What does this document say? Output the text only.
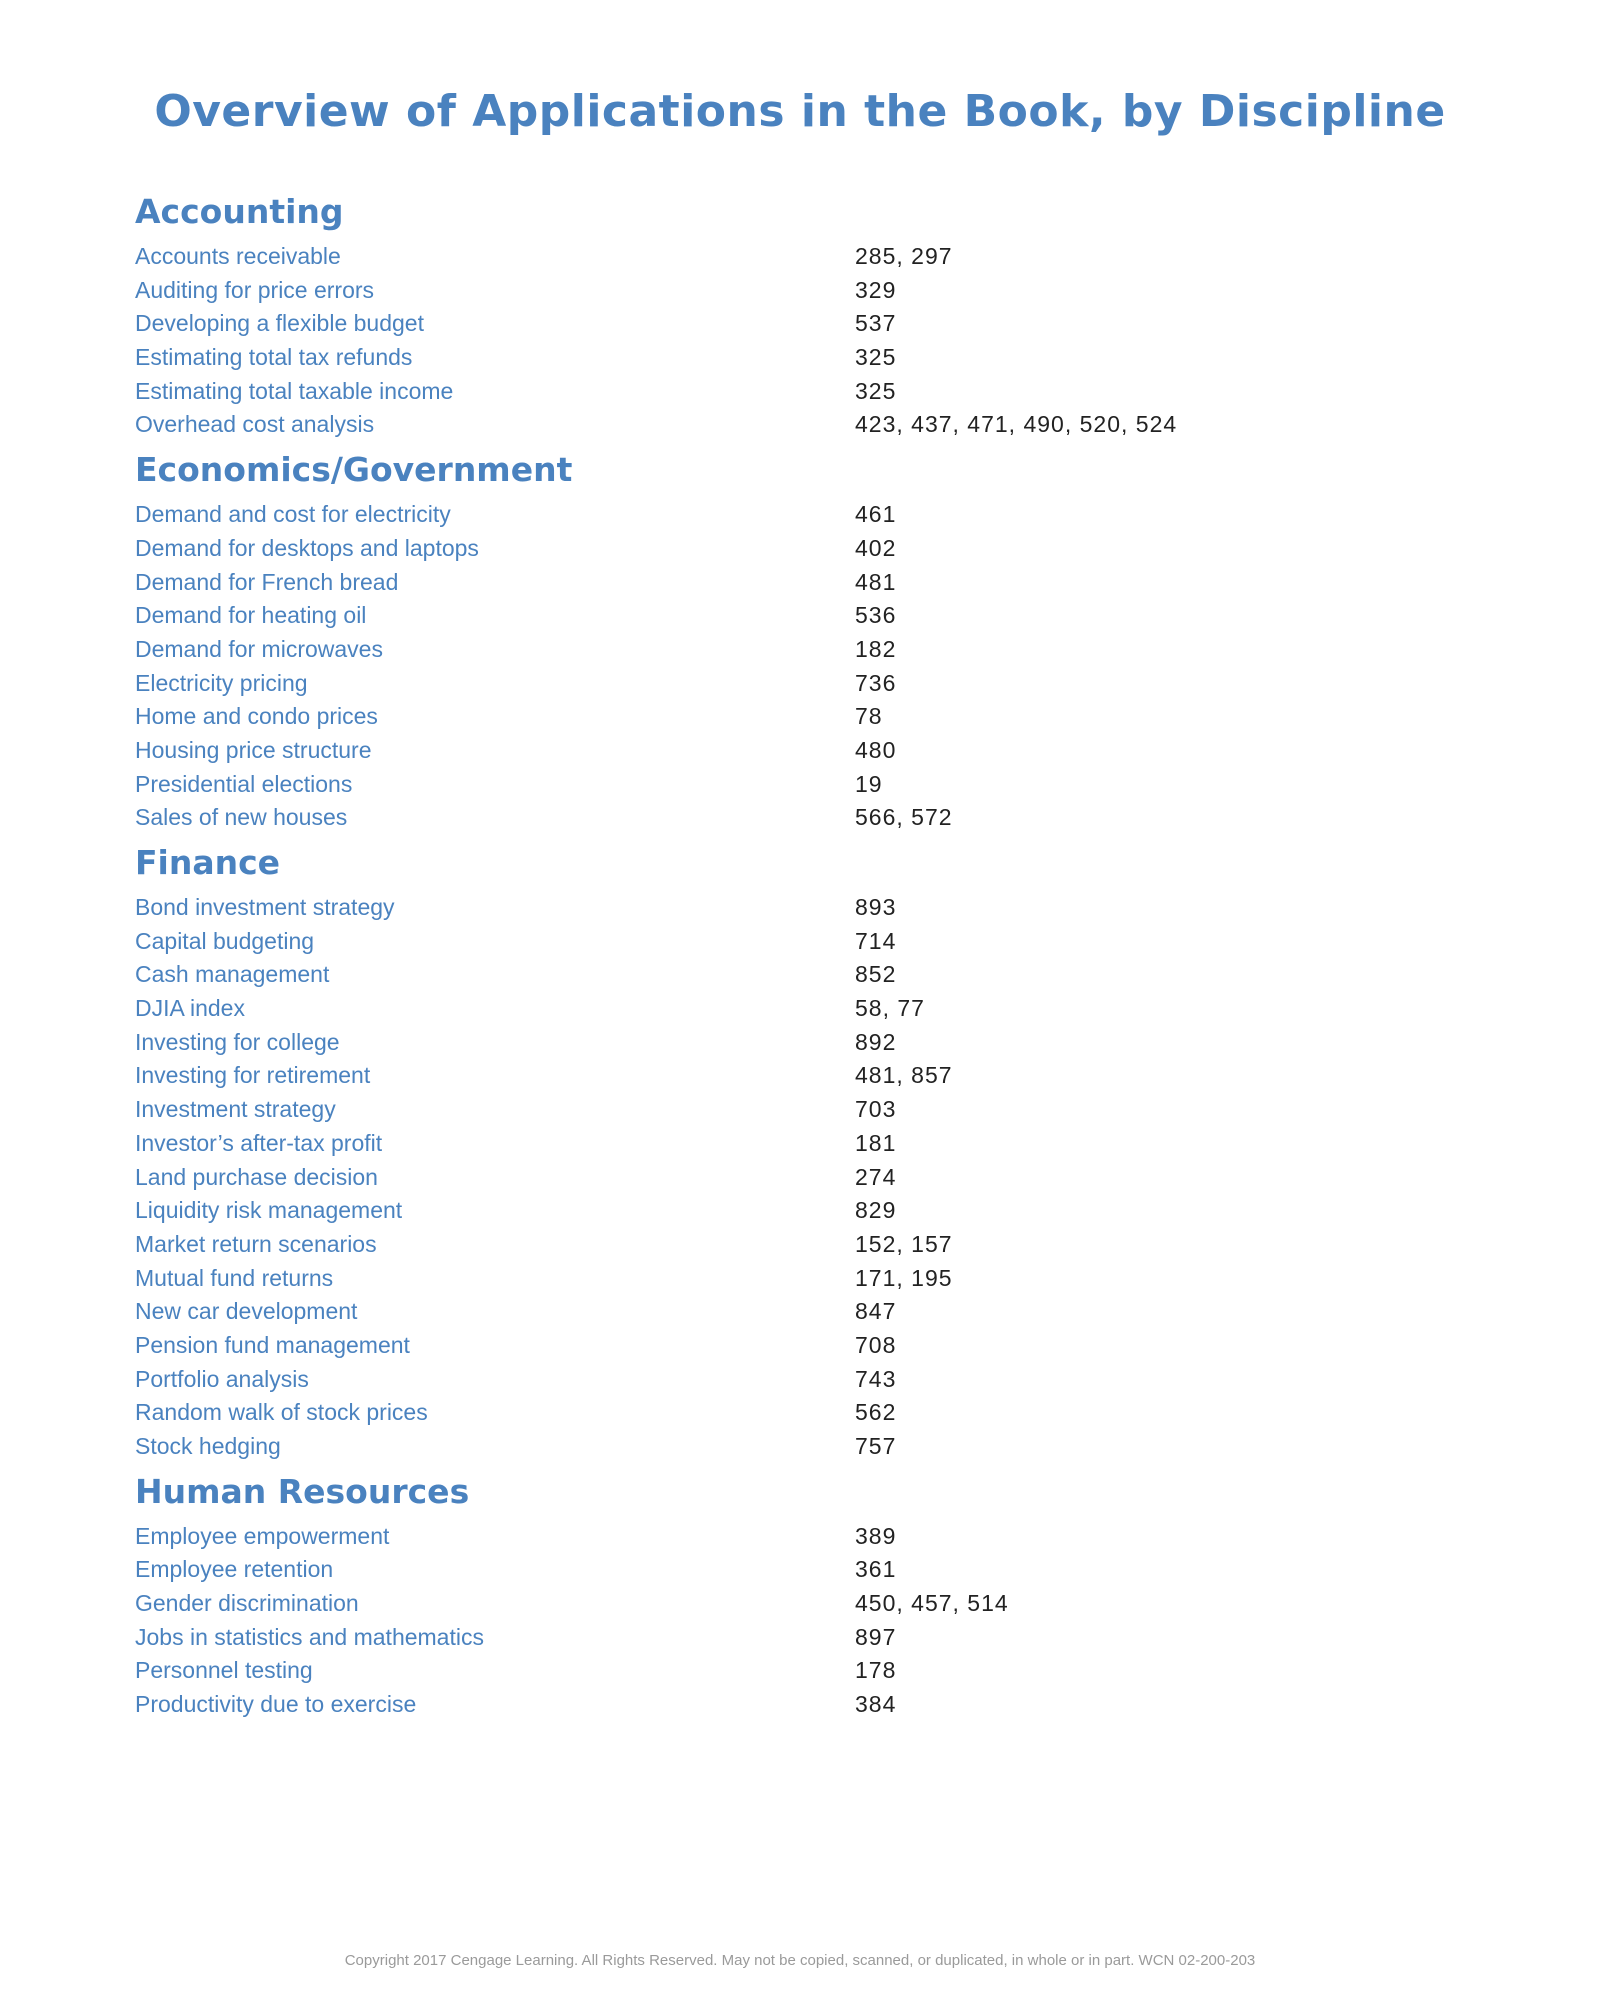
Overview of Applications in the Book, by Discipline
Accounting
Accounts receivable	285, 297
Auditing for price errors	329
Developing a flexible budget	537
Estimating total tax refunds	325
Estimating total taxable income	325
Overhead cost analysis	423, 437, 471, 490, 520, 524
Economics/Government
Demand and cost for electricity	461
Demand for desktops and laptops	402
Demand for French bread	481
Demand for heating oil	536
Demand for microwaves	182
Electricity pricing	736
Home and condo prices	78
Housing price structure	480
Presidential elections	19
Sales of new houses	566, 572
Finance
Bond investment strategy	893
Capital budgeting	714
Cash management	852
DJIA index	58, 77
Investing for college	892
Investing for retirement	481, 857
Investment strategy	703
Investor’s after-tax profit	181
Land purchase decision	274
Liquidity risk management	829
Market return scenarios	152, 157
Mutual fund returns	171, 195
New car development	847
Pension fund management	708
Portfolio analysis	743
Random walk of stock prices	562
Stock hedging	757
Human Resources
Employee empowerment	389
Employee retention	361
Gender discrimination	450, 457, 514
Jobs in statistics and mathematics	897
Personnel testing	178
Productivity due to exercise	384
Copyright 2017 Cengage Learning. All Rights Reserved. May not be copied, scanned, or duplicated, in whole or in part. WCN 02-200-203
